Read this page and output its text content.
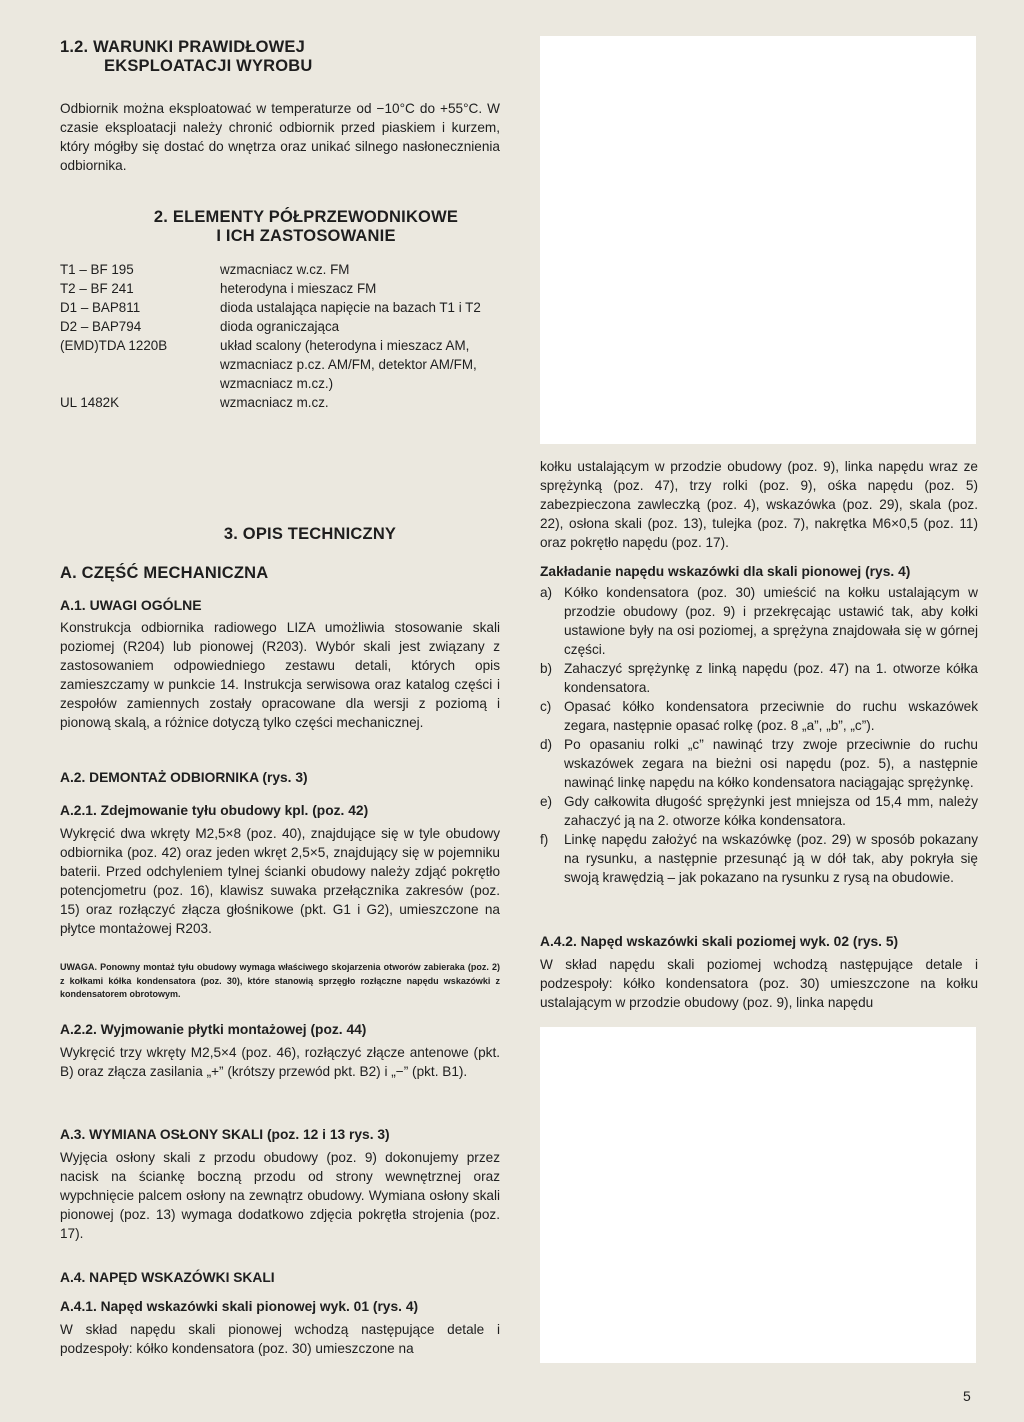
1.2. WARUNKI PRAWIDŁOWEJ
EKSPLOATACJI WYROBU

Odbiornik można eksploatować w temperaturze od −10°C do +55°C. W czasie eksploatacji należy chronić odbiornik przed piaskiem i kurzem, który mógłby się dostać do wnętrza oraz unikać silnego nasłonecznienia odbiornika.

2. ELEMENTY PÓŁPRZEWODNIKOWE
I ICH ZASTOSOWANIE
T1 – BF 195	wzmacniacz w.cz. FM
T2 – BF 241	heterodyna i mieszacz FM
D1 – BAP811	dioda ustalająca napięcie na bazach T1 i T2
D2 – BAP794	dioda ograniczająca
(EMD)TDA 1220B	układ scalony (heterodyna i mieszacz AM, wzmacniacz p.cz. AM/FM, detektor AM/FM, wzmacniacz m.cz.)
UL 1482K	wzmacniacz m.cz.
3. OPIS TECHNICZNY
A. CZĘŚĆ MECHANICZNA
A.1. UWAGI OGÓLNE

Konstrukcja odbiornika radiowego LIZA umożliwia stosowanie skali poziomej (R204) lub pionowej (R203). Wybór skali jest związany z zastosowaniem odpowiedniego zestawu detali, których opis zamieszczamy w punkcie 14. Instrukcja serwisowa oraz katalog części i zespołów zamiennych zostały opracowane dla wersji z poziomą i pionową skalą, a różnice dotyczą tylko części mechanicznej.

A.2. DEMONTAŻ ODBIORNIKA (rys. 3)
A.2.1. Zdejmowanie tyłu obudowy kpl. (poz. 42)

Wykręcić dwa wkręty M2,5×8 (poz. 40), znajdujące się w tyle obudowy odbiornika (poz. 42) oraz jeden wkręt 2,5×5, znajdujący się w pojemniku baterii. Przed odchyleniem tylnej ścianki obudowy należy zdjąć pokrętło potencjometru (poz. 16), klawisz suwaka przełącznika zakresów (poz. 15) oraz rozłączyć złącza głośnikowe (pkt. G1 i G2), umieszczone na płytce montażowej R203.

UWAGA. Ponowny montaż tyłu obudowy wymaga właściwego skojarzenia otworów zabieraka (poz. 2) z kołkami kółka kondensatora (poz. 30), które stanowią sprzęgło rozłączne napędu wskazówki z kondensatorem obrotowym.

A.2.2. Wyjmowanie płytki montażowej (poz. 44)

Wykręcić trzy wkręty M2,5×4 (poz. 46), rozłączyć złącze antenowe (pkt. B) oraz złącza zasilania „+” (krótszy przewód pkt. B2) i „−” (pkt. B1).

A.3. WYMIANA OSŁONY SKALI (poz. 12 i 13 rys. 3)

Wyjęcia osłony skali z przodu obudowy (poz. 9) dokonujemy przez nacisk na ściankę boczną przodu od strony wewnętrznej oraz wypchnięcie palcem osłony na zewnątrz obudowy. Wymiana osłony skali pionowej (poz. 13) wymaga dodatkowo zdjęcia pokrętła strojenia (poz. 17).

A.4. NAPĘD WSKAZÓWKI SKALI
A.4.1. Napęd wskazówki skali pionowej wyk. 01 (rys. 4)

W skład napędu skali pionowej wchodzą następujące detale i podzespoły: kółko kondensatora (poz. 30) umieszczone na

kołku ustalającym w przodzie obudowy (poz. 9), linka napędu wraz ze sprężynką (poz. 47), trzy rolki (poz. 9), ośka napędu (poz. 5) zabezpieczona zawleczką (poz. 4), wskazówka (poz. 29), skala (poz. 22), osłona skali (poz. 13), tulejka (poz. 7), nakrętka M6×0,5 (poz. 11) oraz pokrętło napędu (poz. 17).

Zakładanie napędu wskazówki dla skali pionowej (rys. 4)
a) Kółko kondensatora (poz. 30) umieścić na kołku ustalającym w przodzie obudowy (poz. 9) i przekręcając ustawić tak, aby kołki ustawione były na osi poziomej, a sprężyna znajdowała się w górnej części.
b) Zahaczyć sprężynkę z linką napędu (poz. 47) na 1. otworze kółka kondensatora.
c) Opasać kółko kondensatora przeciwnie do ruchu wskazówek zegara, następnie opasać rolkę (poz. 8 „a”, „b”, „c”).
d) Po opasaniu rolki „c” nawinąć trzy zwoje przeciwnie do ruchu wskazówek zegara na bieżni osi napędu (poz. 5), a następnie nawinąć linkę napędu na kółko kondensatora naciągając sprężynkę.
e) Gdy całkowita długość sprężynki jest mniejsza od 15,4 mm, należy zahaczyć ją na 2. otworze kółka kondensatora.
f)	Linkę napędu założyć na wskazówkę (poz. 29) w sposób pokazany na rysunku, a następnie przesunąć ją w dół tak, aby pokryła się swoją krawędzią – jak pokazano na rysunku z rysą na obudowie.
A.4.2. Napęd wskazówki skali poziomej wyk. 02 (rys. 5)

W skład napędu skali poziomej wchodzą następujące detale i podzespoły: kółko kondensatora (poz. 30) umieszczone na kołku ustalającym w przodzie obudowy (poz. 9), linka napędu

5
